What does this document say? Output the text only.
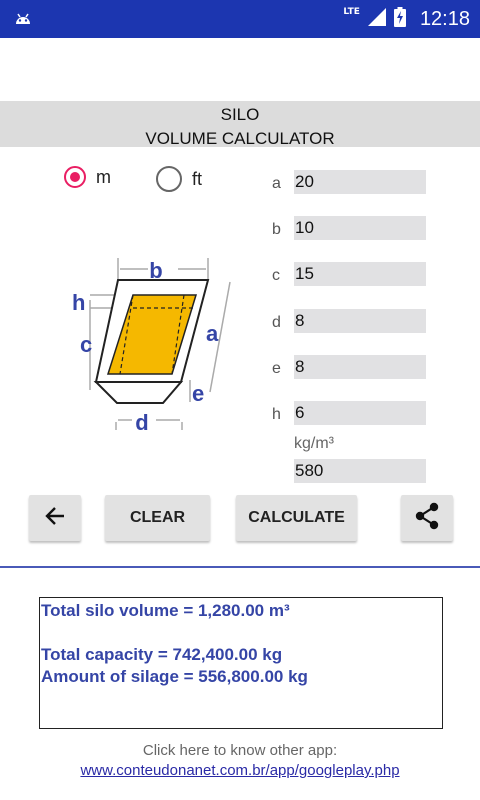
LTE	12:18
SILO
VOLUME CALCULATOR
m	ft
b
h
c	a
e
d
a 20
b 10
c 15
d 8
e 8
h 6
kg/m³
580
CLEAR	CALCULATE
Total silo volume = 1,280.00 m³
Total capacity = 742,400.00 kg
Amount of silage = 556,800.00 kg
Click here to know other app:
www.conteudonanet.com.br/app/googleplay.php
